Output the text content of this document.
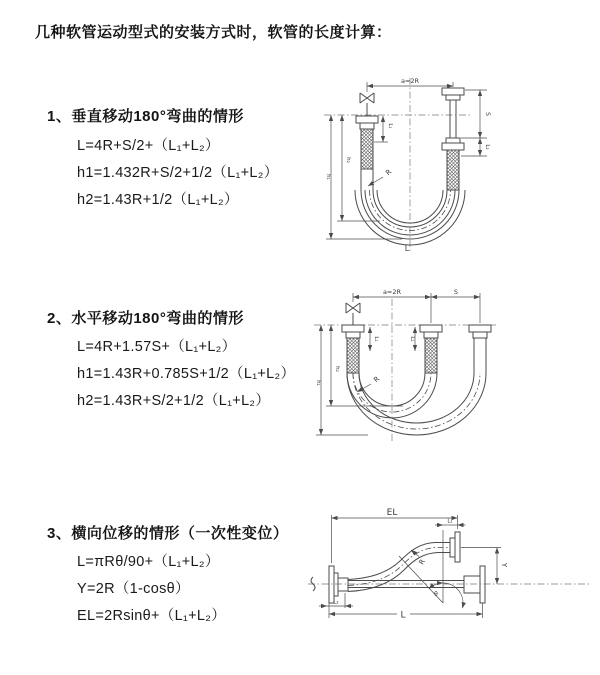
几种软管运动型式的安装方式时，软管的长度计算：
1、垂直移动180°弯曲的情形
L=4R+S/2+（L₁+L₂）
h1=1.432R+S/2+1/2（L₁+L₂）
h2=1.43R+1/2（L₁+L₂）
a=2R
L₁
S
L₂
h₁
h₂
R
L
2、水平移动180°弯曲的情形
L=4R+1.57S+（L₁+L₂）
h1=1.43R+0.785S+1/2（L₁+L₂）
h2=1.43R+S/2+1/2（L₁+L₂）
a=2R	S
L₁	L₂
h₁
h₂
R
3、横向位移的情形（一次性变位）
L=πRθ/90+（L₁+L₂）
Y=2R（1-cosθ）
EL=2Rsinθ+（L₁+L₂）
EL
L₁
Y
L
L₂
R
θ
